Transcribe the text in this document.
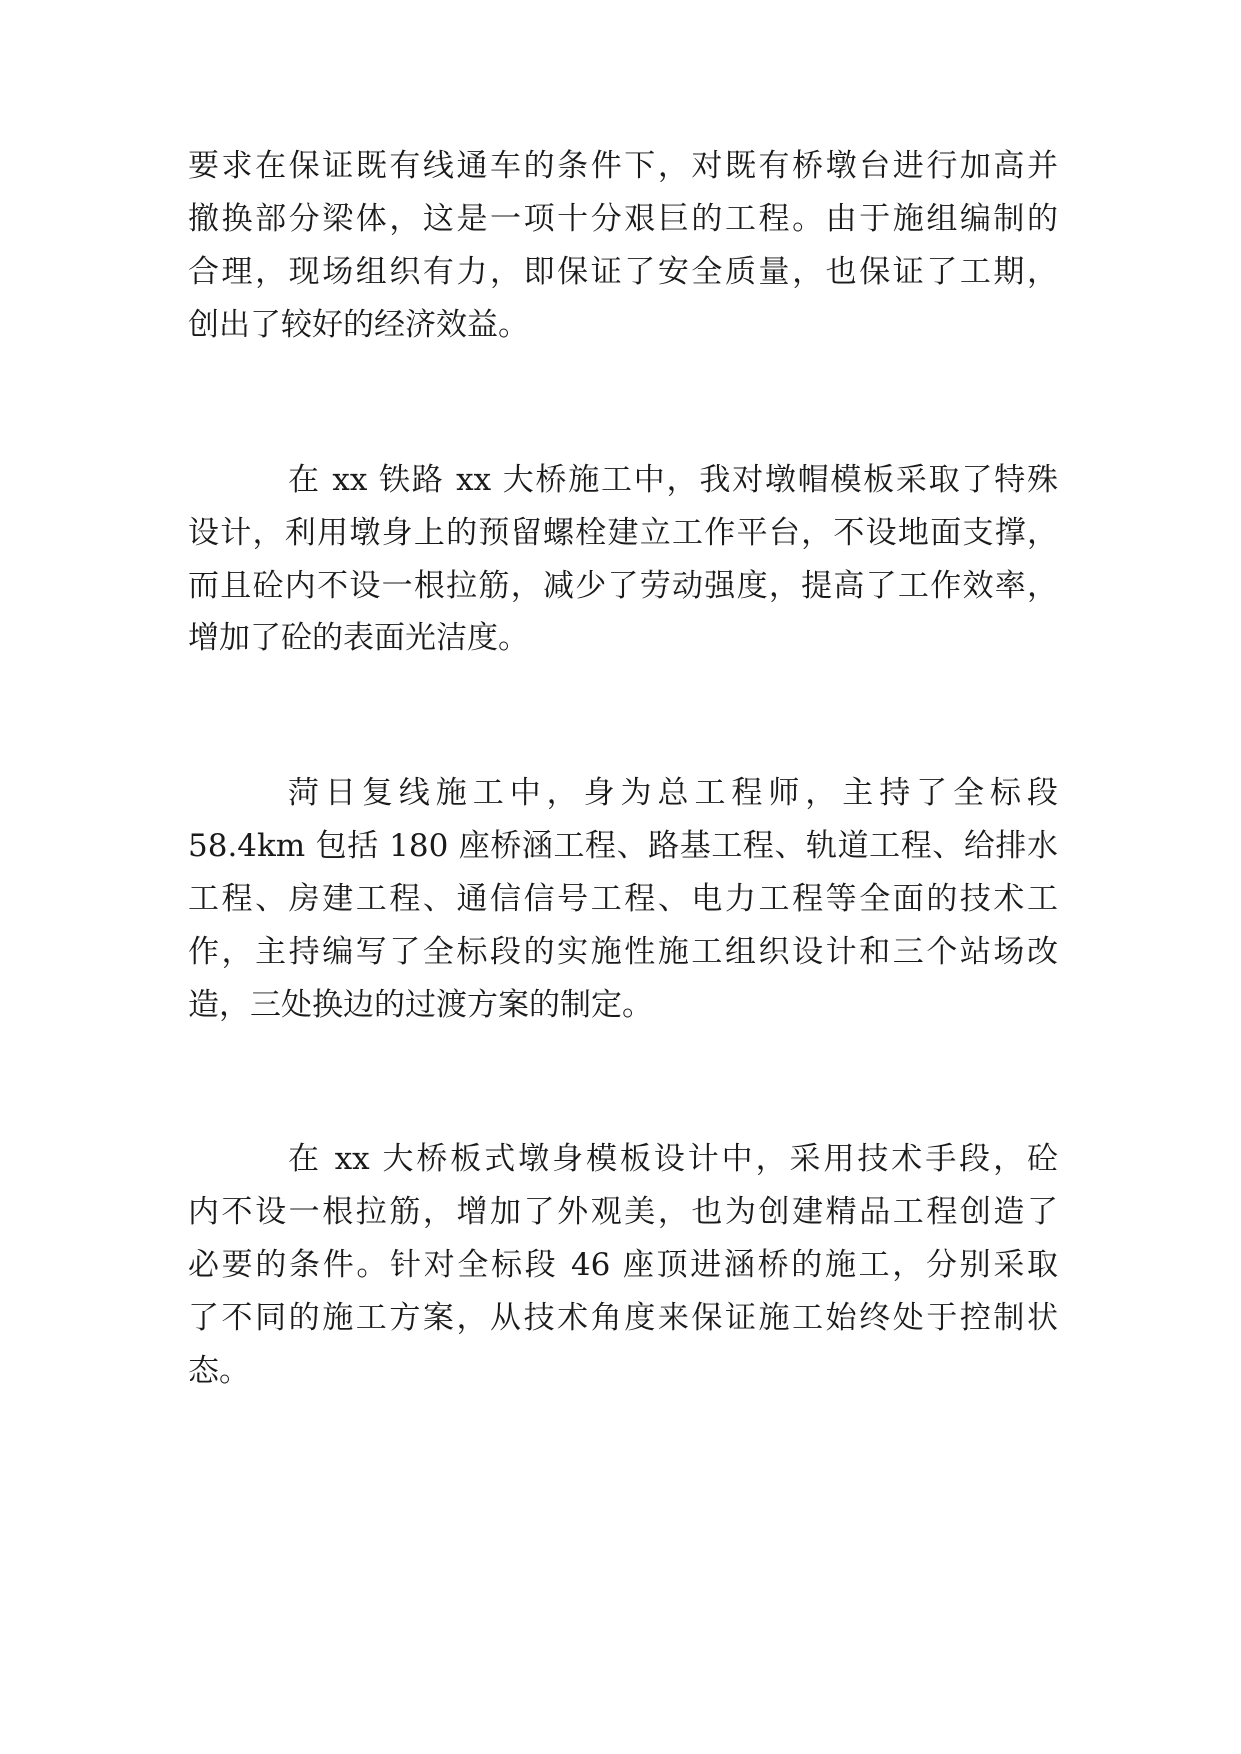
要求在保证既有线通车的条件下，对既有桥墩台进行加高并
撤换部分梁体，这是一项十分艰巨的工程。由于施组编制的
合理，现场组织有力，即保证了安全质量，也保证了工期，
创出了较好的经济效益。
在 xx 铁路 xx 大桥施工中，我对墩帽模板采取了特殊
设计，利用墩身上的预留螺栓建立工作平台，不设地面支撑，
而且砼内不设一根拉筋，减少了劳动强度，提高了工作效率，
增加了砼的表面光洁度。
菏日复线施工中，身为总工程师，主持了全标段
58.4km 包括 180 座桥涵工程、路基工程、轨道工程、给排水
工程、房建工程、通信信号工程、电力工程等全面的技术工
作，主持编写了全标段的实施性施工组织设计和三个站场改
造，三处换边的过渡方案的制定。
在 xx 大桥板式墩身模板设计中，采用技术手段，砼
内不设一根拉筋，增加了外观美，也为创建精品工程创造了
必要的条件。针对全标段 46 座顶进涵桥的施工，分别采取
了不同的施工方案，从技术角度来保证施工始终处于控制状
态。
